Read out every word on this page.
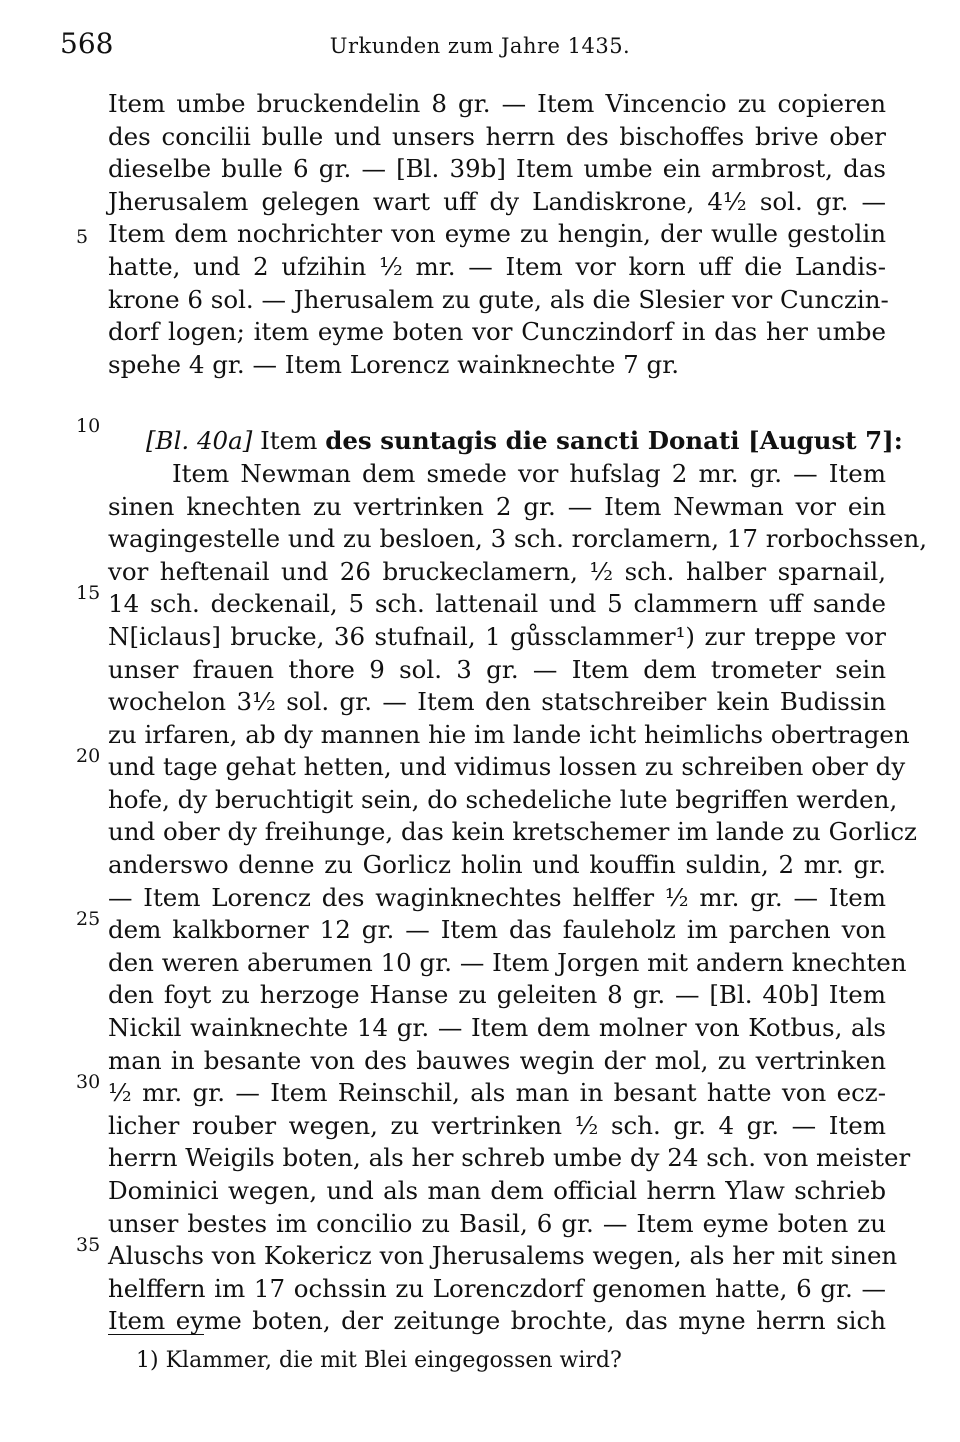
568	Urkunden zum Jahre 1435.
5
10
15
20
25
30
35
Item umbe bruckendelin 8 gr. — Item Vincencio zu copieren
des concilii bulle und unsers herrn des bischoffes brive ober
dieselbe bulle 6 gr. — [Bl. 39b] Item umbe ein armbrost, das
Jherusalem gelegen wart uff dy Landiskrone, 4½ sol. gr. —
Item dem nochrichter von eyme zu hengin, der wulle gestolin
hatte, und 2 ufzihin ½ mr. — Item vor korn uff die Landis-
krone 6 sol. — Jherusalem zu gute, als die Slesier vor Cunczin-
dorf logen; item eyme boten vor Cunczindorf in das her umbe
spehe 4 gr. — Item Lorencz wainknechte 7 gr.
[Bl. 40a] Item des suntagis die sancti Donati [August 7]:
Item Newman dem smede vor hufslag 2 mr. gr. — Item
sinen knechten zu vertrinken 2 gr. — Item Newman vor ein
wagingestelle und zu besloen, 3 sch. rorclamern, 17 rorbochssen,
vor heftenail und 26 bruckeclamern, ½ sch. halber sparnail,
14 sch. deckenail, 5 sch. lattenail und 5 clammern uff sande
N[iclaus] brucke, 36 stufnail, 1 gůssclammer¹) zur treppe vor
unser frauen thore 9 sol. 3 gr. — Item dem trometer sein
wochelon 3½ sol. gr. — Item den statschreiber kein Budissin
zu irfaren, ab dy mannen hie im lande icht heimlichs obertragen
und tage gehat hetten, und vidimus lossen zu schreiben ober dy
hofe, dy beruchtigit sein, do schedeliche lute begriffen werden,
und ober dy freihunge, das kein kretschemer im lande zu Gorlicz
anderswo denne zu Gorlicz holin und kouffin suldin, 2 mr. gr.
— Item Lorencz des waginknechtes helffer ½ mr. gr. — Item
dem kalkborner 12 gr. — Item das fauleholz im parchen von
den weren aberumen 10 gr. — Item Jorgen mit andern knechten
den foyt zu herzoge Hanse zu geleiten 8 gr. — [Bl. 40b] Item
Nickil wainknechte 14 gr. — Item dem molner von Kotbus, als
man in besante von des bauwes wegin der mol, zu vertrinken
½ mr. gr. — Item Reinschil, als man in besant hatte von ecz-
licher rouber wegen, zu vertrinken ½ sch. gr. 4 gr. — Item
herrn Weigils boten, als her schreb umbe dy 24 sch. von meister
Dominici wegen, und als man dem official herrn Ylaw schrieb
unser bestes im concilio zu Basil, 6 gr. — Item eyme boten zu
Aluschs von Kokericz von Jherusalems wegen, als her mit sinen
helffern im 17 ochssin zu Lorenczdorf genomen hatte, 6 gr. —
Item eyme boten, der zeitunge brochte, das myne herrn sich
1) Klammer, die mit Blei eingegossen wird?
